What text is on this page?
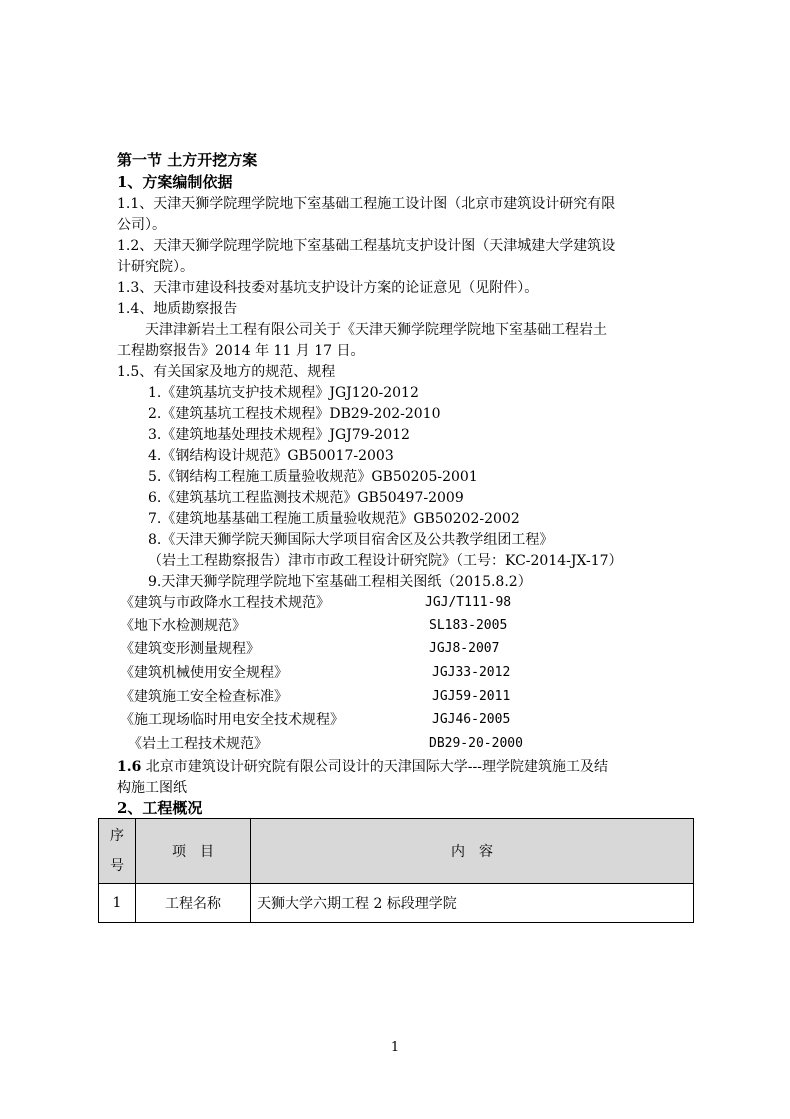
第一节 土方开挖方案
1、方案编制依据
1.1、天津天狮学院理学院地下室基础工程施工设计图（北京市建筑设计研究有限
公司）。
1.2、天津天狮学院理学院地下室基础工程基坑支护设计图（天津城建大学建筑设
计研究院）。
1.3、天津市建设科技委对基坑支护设计方案的论证意见（见附件）。
1.4、地质勘察报告
天津津新岩土工程有限公司关于《天津天狮学院理学院地下室基础工程岩土
工程勘察报告》2014 年 11 月 17 日。
1.5、有关国家及地方的规范、规程
1.《建筑基坑支护技术规程》JGJ120-2012
2.《建筑基坑工程技术规程》DB29-202-2010
3.《建筑地基处理技术规程》JGJ79-2012
4.《钢结构设计规范》GB50017-2003
5.《钢结构工程施工质量验收规范》GB50205-2001
6.《建筑基坑工程监测技术规范》GB50497-2009
7.《建筑地基基础工程施工质量验收规范》GB50202-2002
8.《天津天狮学院天狮国际大学项目宿舍区及公共教学组团工程》
（岩土工程勘察报告）津市市政工程设计研究院》（工号：KC-2014-JX-17）
9.天津天狮学院理学院地下室基础工程相关图纸（2015.8.2）
《建筑与市政降水工程技术规范》	JGJ/T111-98
《地下水检测规范》	SL183-2005
《建筑变形测量规程》	JGJ8-2007
《建筑机械使用安全规程》	JGJ33-2012
《建筑施工安全检查标准》	JGJ59-2011
《施工现场临时用电安全技术规程》	JGJ46-2005
《岩土工程技术规范》	DB29-20-2000
1.6 北京市建筑设计研究院有限公司设计的天津国际大学---理学院建筑施工及结
构施工图纸
2、工程概况
序
号	项　目	内　容
1	工程名称	天狮大学六期工程 2 标段理学院
1
